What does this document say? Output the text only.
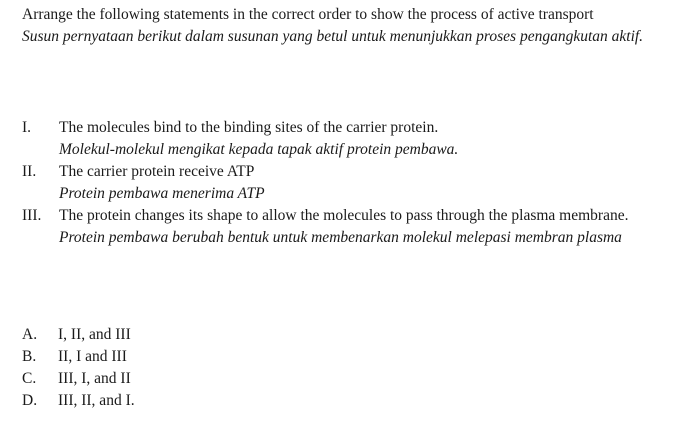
Arrange the following statements in the correct order to show the process of active transport

Susun pernyataan berikut dalam susunan yang betul untuk menunjukkan proses pengangkutan aktif.

I.	The molecules bind to the binding sites of the carrier protein.
Molekul-molekul mengikat kepada tapak aktif protein pembawa.
II.	The carrier protein receive ATP
Protein pembawa menerima ATP
III.	The protein changes its shape to allow the molecules to pass through the plasma membrane.
Protein pembawa berubah bentuk untuk membenarkan molekul melepasi membran plasma
A.	I, II, and III
B.	II, I and III
C.	III, I, and II
D.	III, II, and I.
